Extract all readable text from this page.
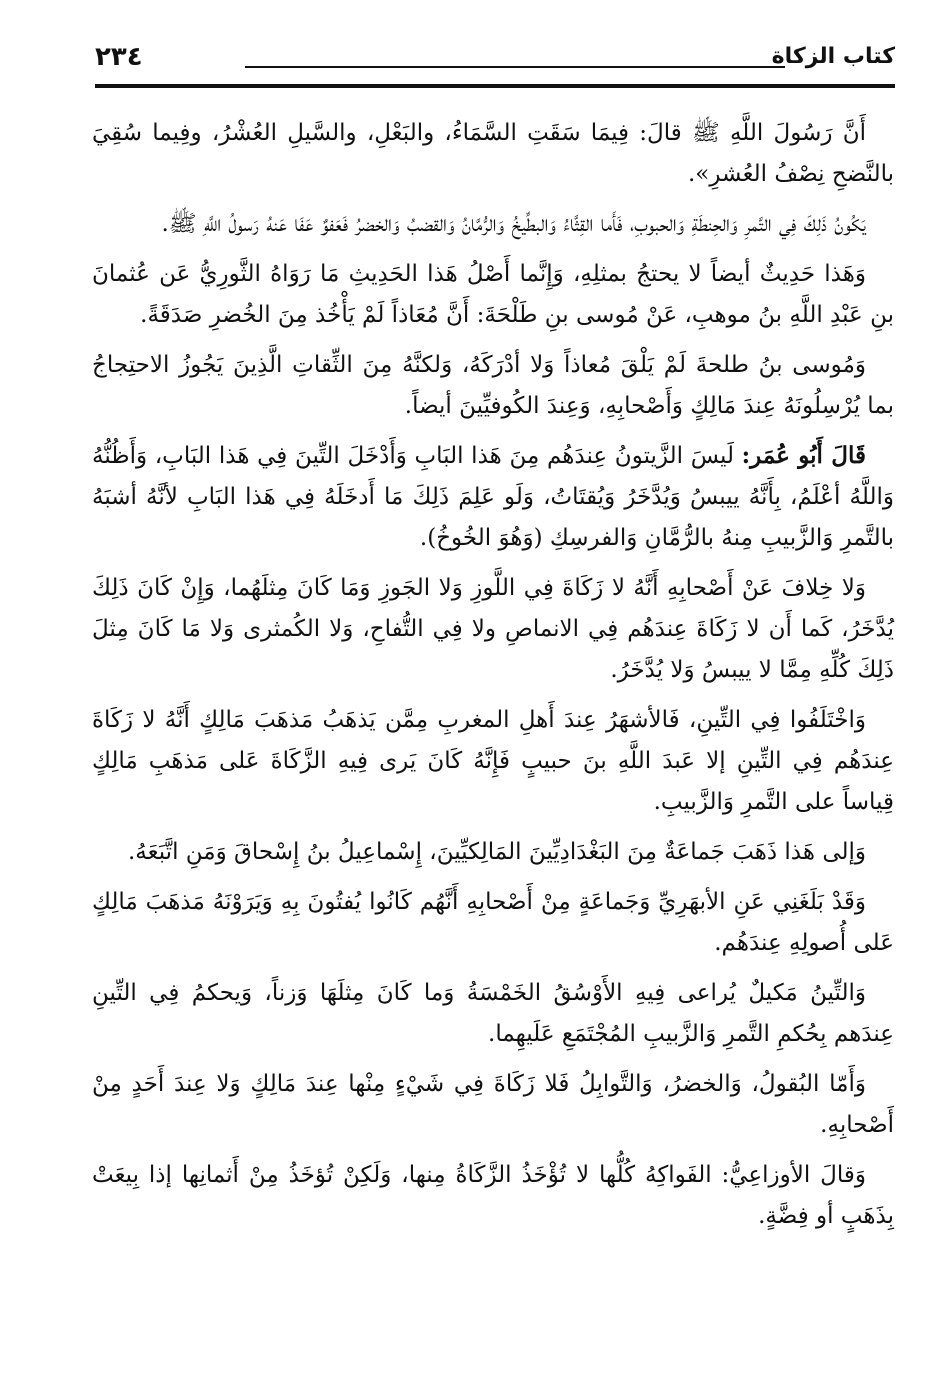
كتاب الزكاة
٢٣٤

أَنَّ رَسُولَ اللَّهِ ﷺ قالَ: فِيمَا سَقَتِ السَّمَاءُ، والبَعْلِ، والسَّيلِ العُشْرُ، وفِيما سُقِيَ بالنَّضحِ نِصْفُ العُشرِ».

يَكُونُ ذَلِكَ فِي التَّمرِ وَالحِنطَةِ وَالحبوبِ، فَأَما القِثَّاءُ وَالبطِّيخُ وَالرُّمَّانُ وَالقضبُ وَالخضرُ فَعَفوٌ عَفَا عَنهُ رَسولُ اللَّهِ ﷺ.

وَهَذا حَدِيثٌ أيضاً لا يحتجُ بمثلِهِ، وَإِنَّما أَصْلُ هَذا الحَدِيثِ مَا رَوَاهُ الثَّورِيُّ عَن عُثمانَ بنِ عَبْدِ اللَّهِ بنُ موهبِ، عَنْ مُوسى بنِ طَلْحَةَ: أَنَّ مُعَاذاً لَمْ يَأْخُذ مِنَ الخُضرِ صَدَقَةً.

وَمُوسى بنُ طلحةَ لَمْ يَلْقَ مُعاذاً وَلا أدْرَكَهُ، وَلكنَّهُ مِنَ الثِّقاتِ الَّذِينَ يَجُوزُ الاحتِجاجُ بما يُرْسِلُونَهُ عِندَ مَالِكٍ وَأَصْحابِهِ، وَعِندَ الكُوفيِّينَ أيضاً.

قَالَ أَبُو عُمَر: لَيسَ الزَّيتونُ عِندَهُم مِنَ هَذا البَابِ وَأَدْخَلَ التِّينَ فِي هَذا البَابِ، وَأَظُنُّهُ وَاللَّهُ أعْلَمُ، بِأَنَّهُ ييبسُ وَيُدَّخَرُ وَيُقتَاتُ، وَلَو عَلِمَ ذَلِكَ مَا أَدخَلَهُ فِي هَذا البَابِ لأنَّهُ أشبَهُ بالتَّمرِ وَالزَّبيبِ مِنهُ بالرُّمَّانِ وَالفرسِكِ (وَهُوَ الخُوخُ).

وَلا خِلافَ عَنْ أَصْحابِهِ أَنَّهُ لا زَكَاةَ فِي اللَّوزِ وَلا الجَوزِ وَمَا كَانَ مِثلَهُما، وَإِنْ كَانَ ذَلِكَ يُدَّخَرُ، كَما أَن لا زَكَاةَ عِندَهُم فِي الانماصِ ولا فِي التُّفاحِ، وَلا الكُمثرى وَلا مَا كَانَ مِثلَ ذَلِكَ كُلِّهِ مِمَّا لا ييبسُ وَلا يُدَّخَرُ.

وَاخْتَلَفُوا فِي التِّينِ، فَالأشهَرُ عِندَ أَهلِ المغربِ مِمَّن يَذهَبُ مَذهَبَ مَالِكٍ أَنَّهُ لا زَكَاةَ عِندَهُم فِي التِّينِ إلا عَبدَ اللَّهِ بنَ حبيبٍ فَإِنَّهُ كَانَ يَرى فِيهِ الزَّكَاةَ عَلى مَذهَبِ مَالِكٍ قِياساً على التَّمرِ وَالزَّبيبِ.

وَإلى هَذا ذَهَبَ جَماعَةٌ مِنَ البَغْدَادِيِّينَ المَالِكيِّينَ، إِسْماعِيلُ بنُ إِسْحاقَ وَمَنِ اتَّبَعَهُ.

وَقَدْ بَلَغَنِي عَنِ الأبهَرِيِّ وَجَماعَةٍ مِنْ أَصْحابِهِ أَنَّهُم كَانُوا يُفتُونَ بِهِ وَيَرَوْنَهُ مَذهَبَ مَالِكٍ عَلى أُصولِهِ عِندَهُم.

وَالتِّينُ مَكيلٌ يُراعى فِيهِ الأَوْسُقُ الخَمْسَةُ وَما كَانَ مِثلَهَا وَزناً، وَيحكمُ فِي التِّينِ عِندَهم بِحُكمِ التَّمرِ وَالزَّبيبِ المُجْتَمَعِ عَلَيهِما.

وَأَمّا البُقولُ، وَالخضرُ، وَالتَّوابِلُ فَلا زَكَاةَ فِي شَيْءٍ مِنْها عِندَ مَالِكٍ وَلا عِندَ أَحَدٍ مِنْ أَصْحابِهِ.

وَقالَ الأوزاعِيُّ: الفَواكِهُ كُلُّها لا تُؤْخَذُ الزَّكَاةُ مِنها، وَلَكِنْ تُؤخَذُ مِنْ أَثمانِها إذا بِيعَتْ بِذَهَبٍ أو فِضَّةٍ.
